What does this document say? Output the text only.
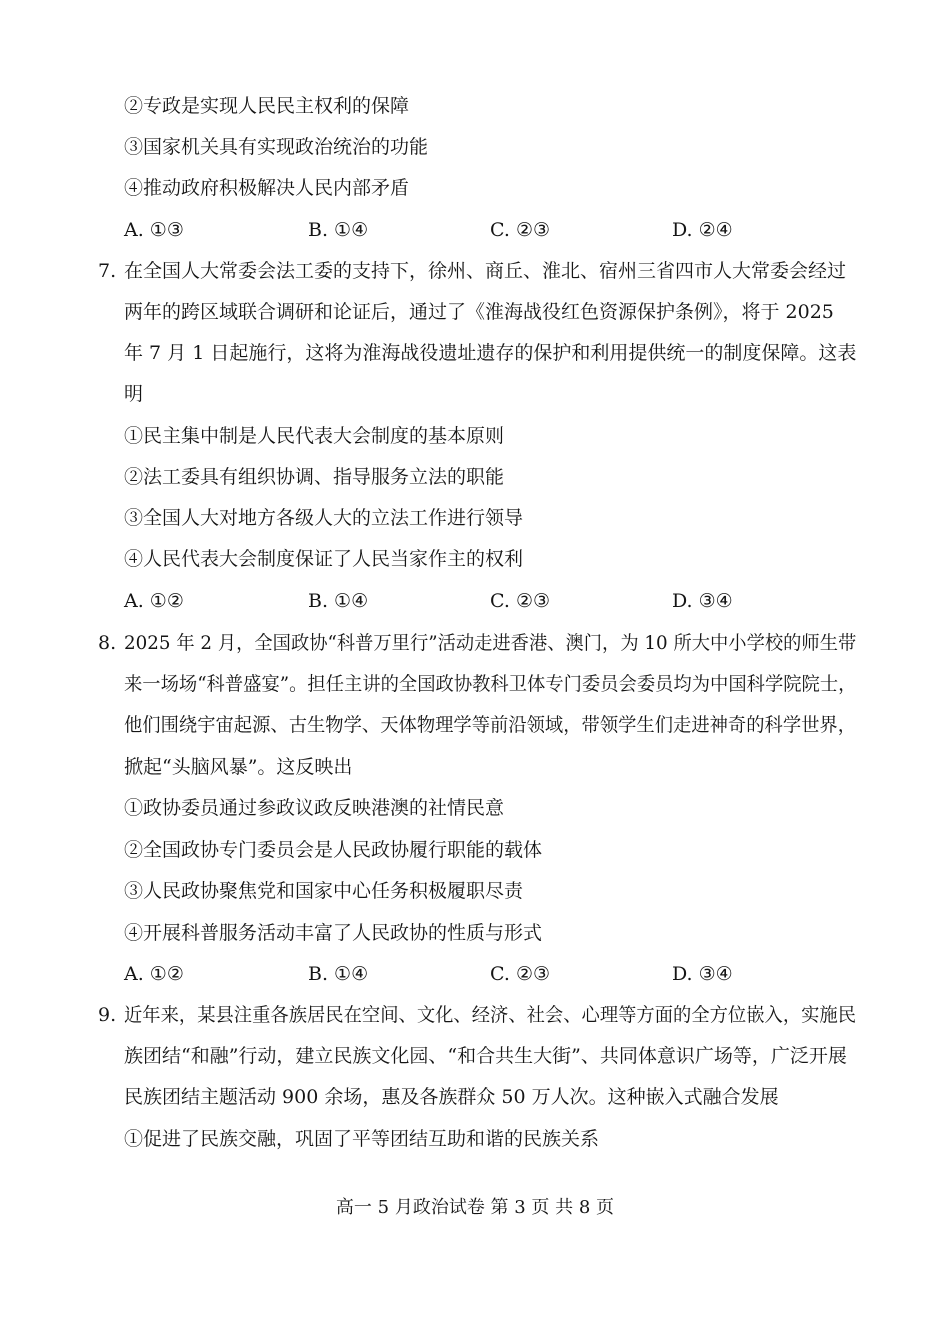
②专政是实现人民民主权利的保障
③国家机关具有实现政治统治的功能
④推动政府积极解决人民内部矛盾
A. ①③	B. ①④	C. ②③	D. ②④
7. 在全国人大常委会法工委的支持下，徐州、商丘、淮北、宿州三省四市人大常委会经过
两年的跨区域联合调研和论证后，通过了《淮海战役红色资源保护条例》，将于 2025
年 7 月 1 日起施行，这将为淮海战役遗址遗存的保护和利用提供统一的制度保障。这表
明
①民主集中制是人民代表大会制度的基本原则
②法工委具有组织协调、指导服务立法的职能
③全国人大对地方各级人大的立法工作进行领导
④人民代表大会制度保证了人民当家作主的权利
A. ①②	B. ①④	C. ②③	D. ③④
8. 2025 年 2 月，全国政协“科普万里行”活动走进香港、澳门，为 10 所大中小学校的师生带
来一场场“科普盛宴”。担任主讲的全国政协教科卫体专门委员会委员均为中国科学院院士，
他们围绕宇宙起源、古生物学、天体物理学等前沿领域，带领学生们走进神奇的科学世界，
掀起“头脑风暴”。这反映出
①政协委员通过参政议政反映港澳的社情民意
②全国政协专门委员会是人民政协履行职能的载体
③人民政协聚焦党和国家中心任务积极履职尽责
④开展科普服务活动丰富了人民政协的性质与形式
A. ①②	B. ①④	C. ②③	D. ③④
9. 近年来，某县注重各族居民在空间、文化、经济、社会、心理等方面的全方位嵌入，实施民
族团结“和融”行动，建立民族文化园、“和合共生大街”、共同体意识广场等，广泛开展
民族团结主题活动 900 余场，惠及各族群众 50 万人次。这种嵌入式融合发展
①促进了民族交融，巩固了平等团结互助和谐的民族关系
高一 5 月政治试卷 第 3 页 共 8 页
